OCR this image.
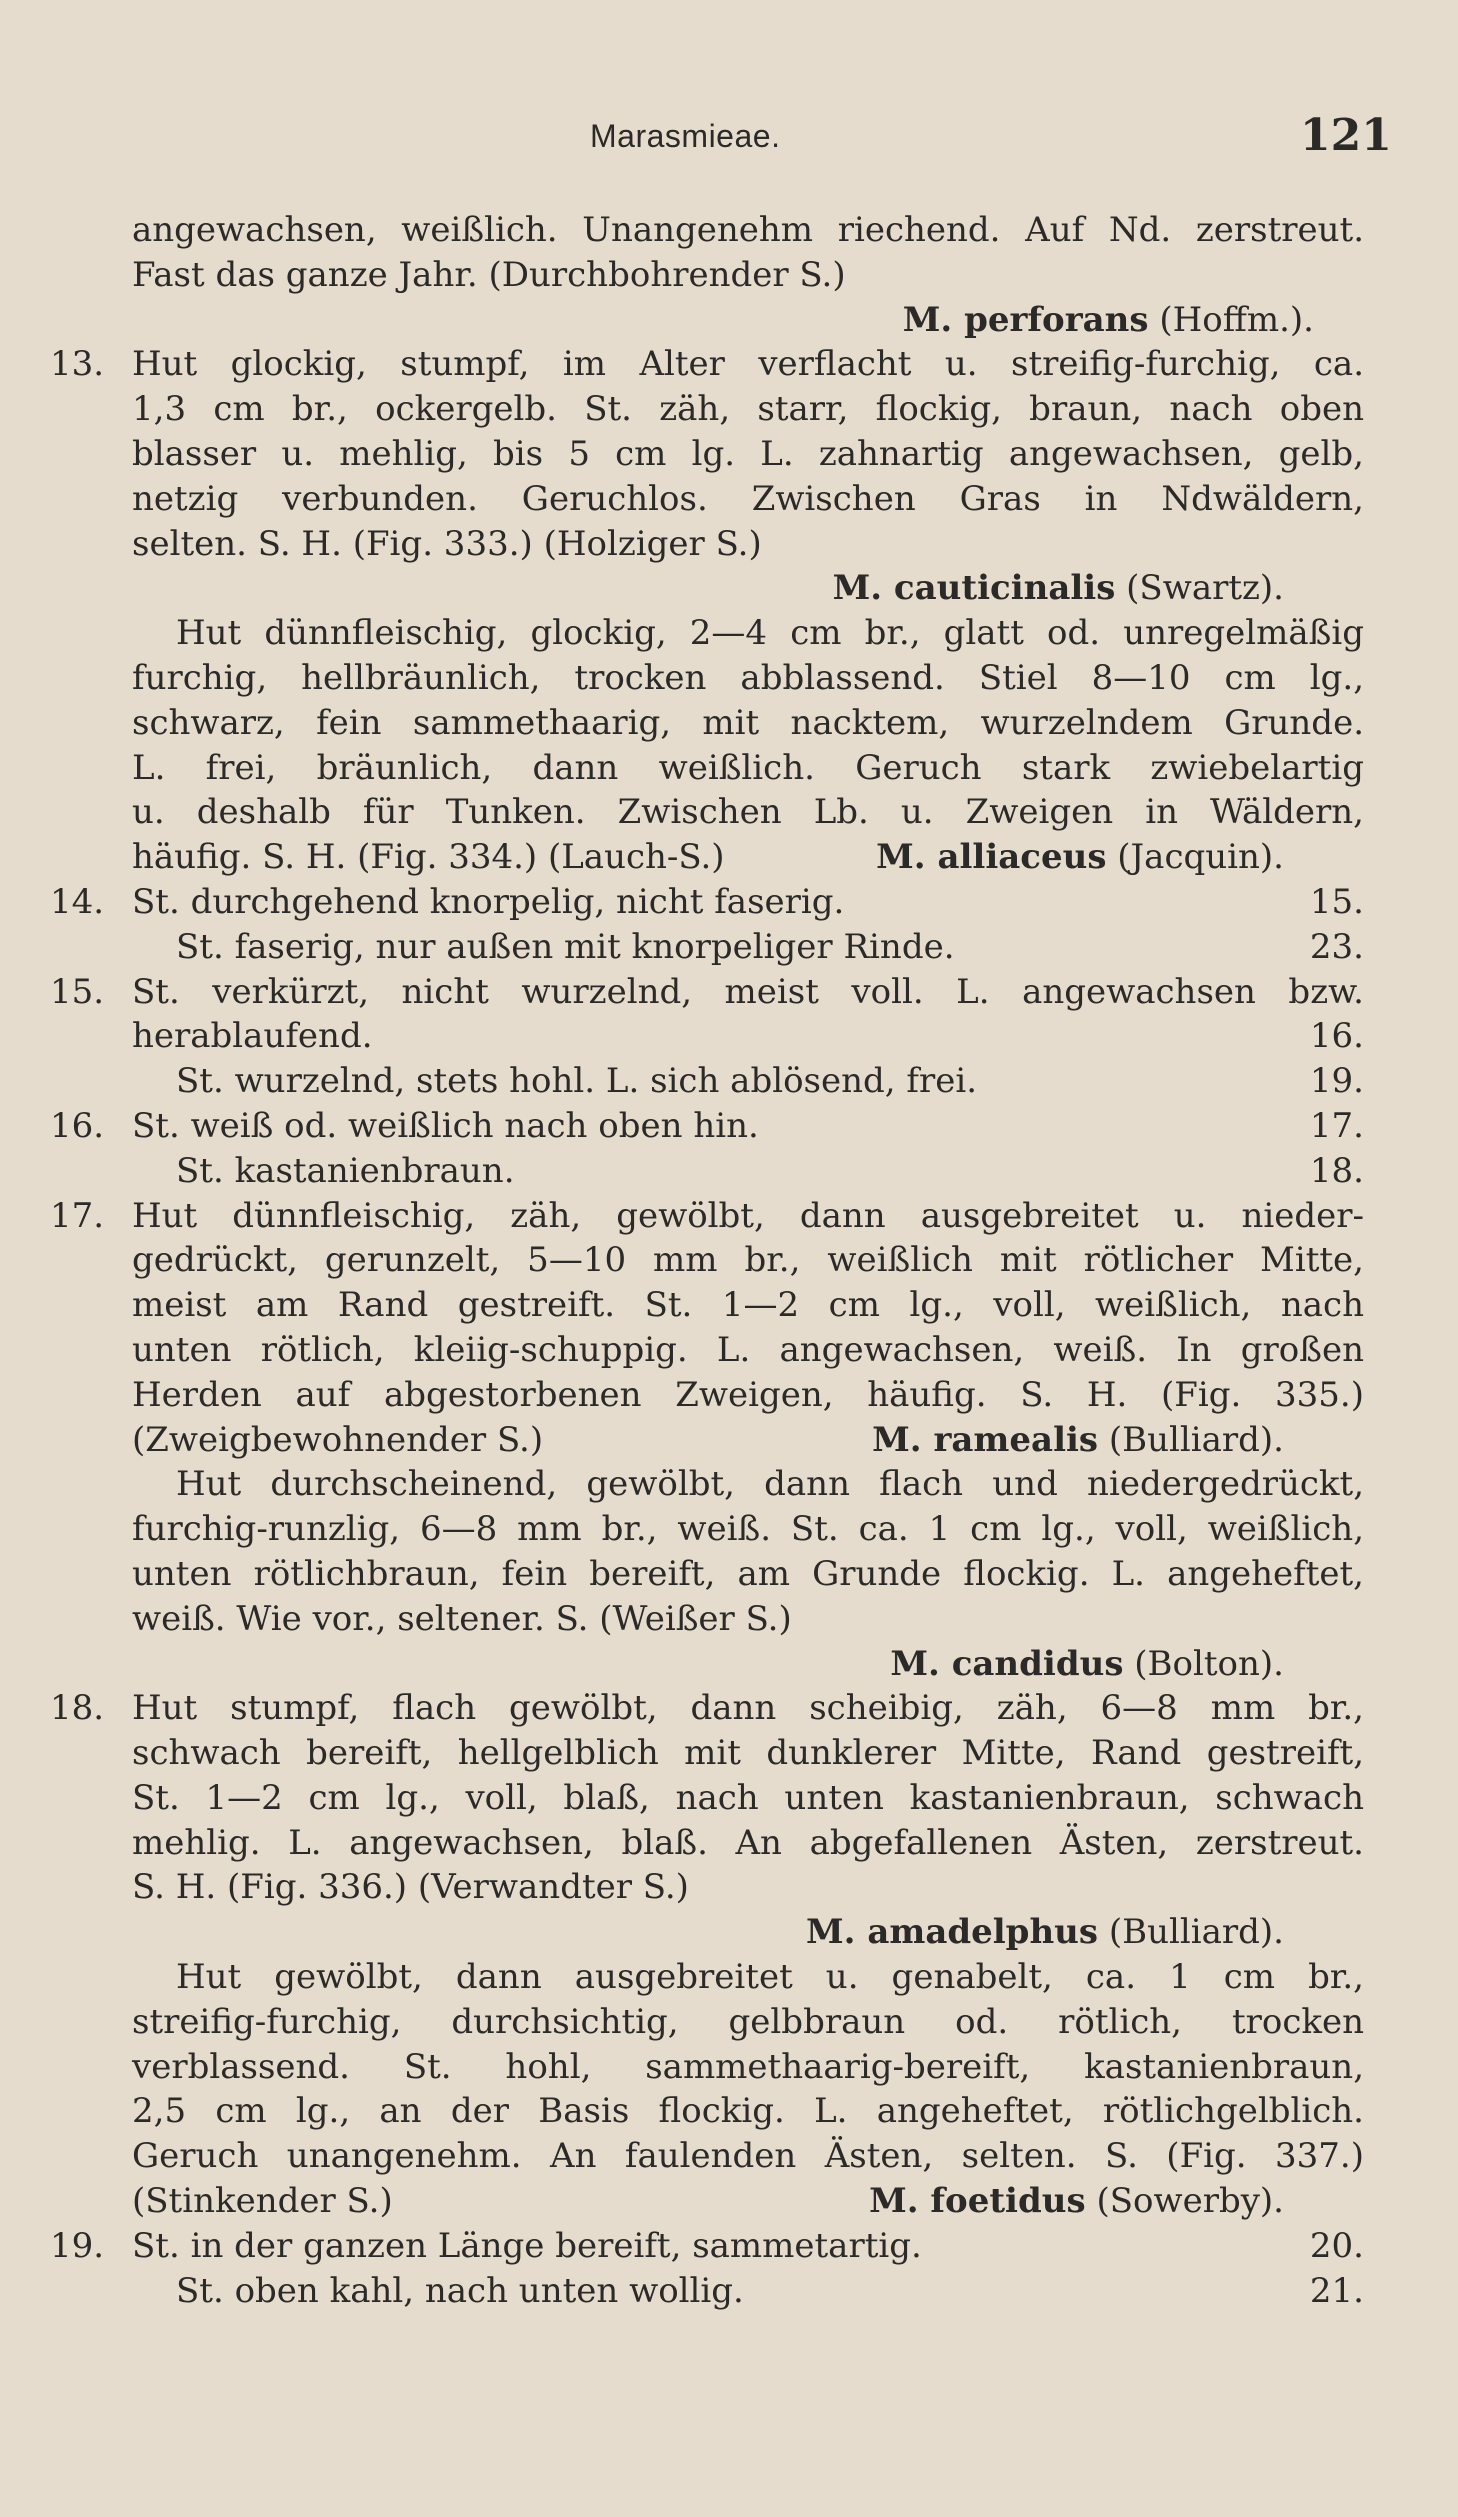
Marasmieae.	121
angewachsen, weißlich. Unangenehm riechend. Auf Nd. zerstreut.
Fast das ganze Jahr. (Durchbohrender S.)
M. perforans (Hoffm.).
13. Hut glockig, stumpf, im Alter verflacht u. streifig-furchig, ca.
1,3 cm br., ockergelb. St. zäh, starr, flockig, braun, nach oben
blasser u. mehlig, bis 5 cm lg. L. zahnartig angewachsen, gelb,
netzig verbunden. Geruchlos. Zwischen Gras in Ndwäldern,
selten. S. H. (Fig. 333.) (Holziger S.)
M. cauticinalis (Swartz).
Hut dünnfleischig, glockig, 2—4 cm br., glatt od. unregelmäßig
furchig, hellbräunlich, trocken abblassend. Stiel 8—10 cm lg.,
schwarz, fein sammethaarig, mit nacktem, wurzelndem Grunde.
L. frei, bräunlich, dann weißlich. Geruch stark zwiebelartig
u. deshalb für Tunken. Zwischen Lb. u. Zweigen in Wäldern,
häufig. S. H. (Fig. 334.) (Lauch-S.)	M. alliaceus (Jacquin).
14. St. durchgehend knorpelig, nicht faserig.	15.
St. faserig, nur außen mit knorpeliger Rinde.	23.
15. St. verkürzt, nicht wurzelnd, meist voll. L. angewachsen bzw.
herablaufend.	16.
St. wurzelnd, stets hohl. L. sich ablösend, frei.	19.
16. St. weiß od. weißlich nach oben hin.	17.
St. kastanienbraun.	18.
17. Hut dünnfleischig, zäh, gewölbt, dann ausgebreitet u. nieder-
gedrückt, gerunzelt, 5—10 mm br., weißlich mit rötlicher Mitte,
meist am Rand gestreift. St. 1—2 cm lg., voll, weißlich, nach
unten rötlich, kleiig-schuppig. L. angewachsen, weiß. In großen
Herden auf abgestorbenen Zweigen, häufig. S. H. (Fig. 335.)
(Zweigbewohnender S.)	M. ramealis (Bulliard).
Hut durchscheinend, gewölbt, dann flach und niedergedrückt,
furchig-runzlig, 6—8 mm br., weiß. St. ca. 1 cm lg., voll, weißlich,
unten rötlichbraun, fein bereift, am Grunde flockig. L. angeheftet,
weiß. Wie vor., seltener. S. (Weißer S.)
M. candidus (Bolton).
18. Hut stumpf, flach gewölbt, dann scheibig, zäh, 6—8 mm br.,
schwach bereift, hellgelblich mit dunklerer Mitte, Rand gestreift,
St. 1—2 cm lg., voll, blaß, nach unten kastanienbraun, schwach
mehlig. L. angewachsen, blaß. An abgefallenen Ästen, zerstreut.
S. H. (Fig. 336.) (Verwandter S.)
M. amadelphus (Bulliard).
Hut gewölbt, dann ausgebreitet u. genabelt, ca. 1 cm br.,
streifig-furchig, durchsichtig, gelbbraun od. rötlich, trocken
verblassend. St. hohl, sammethaarig-bereift, kastanienbraun,
2,5 cm lg., an der Basis flockig. L. angeheftet, rötlichgelblich.
Geruch unangenehm. An faulenden Ästen, selten. S. (Fig. 337.)
(Stinkender S.)	M. foetidus (Sowerby).
19. St. in der ganzen Länge bereift, sammetartig.	20.
St. oben kahl, nach unten wollig.	21.
